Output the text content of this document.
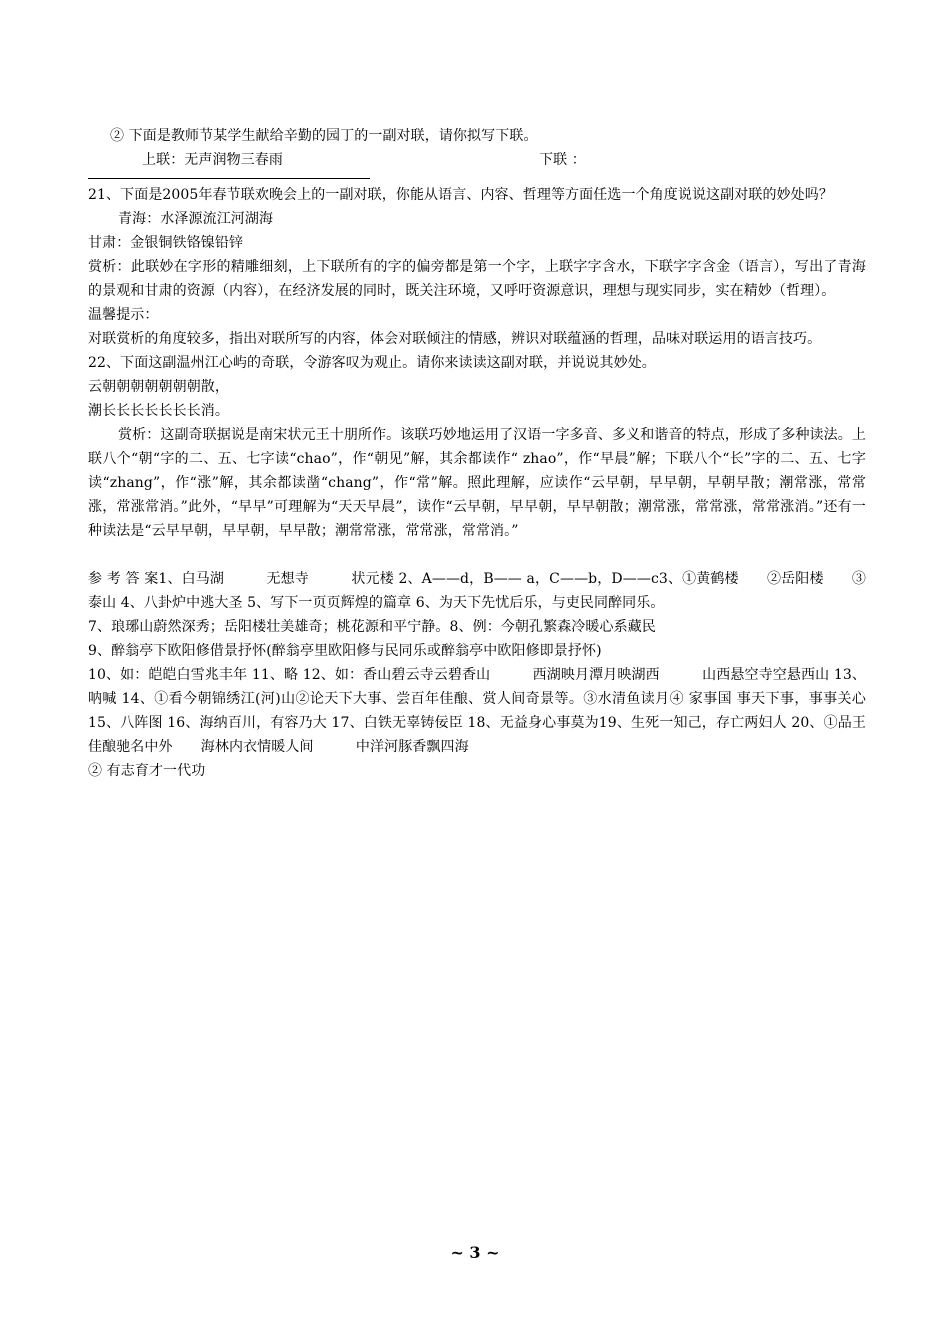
② 下面是教师节某学生献给辛勤的园丁的一副对联，请你拟写下联。
上联：无声润物三春雨	下联 ：
21、下面是2005年春节联欢晚会上的一副对联，你能从语言、内容、哲理等方面任选一个角度说说这副对联的妙处吗？
青海：水泽源流江河湖海
甘肃：金银铜铁铬镍铅锌
赏析：此联妙在字形的精雕细刻，上下联所有的字的偏旁都是第一个字，上联字字含水，下联字字含金（语言），写出了青海的景观和甘肃的资源（内容），在经济发展的同时，既关注环境，又呼吁资源意识，理想与现实同步，实在精妙（哲理）。
温馨提示：
对联赏析的角度较多，指出对联所写的内容，体会对联倾注的情感，辨识对联蕴涵的哲理，品味对联运用的语言技巧。
22、下面这副温州江心屿的奇联，令游客叹为观止。请你来读读这副对联，并说说其妙处。
云朝朝朝朝朝朝朝散，
潮长长长长长长长消。
赏析：这副奇联据说是南宋状元王十朋所作。该联巧妙地运用了汉语一字多音、多义和谐音的特点，形成了多种读法。上联八个“朝“字的二、五、七字读“chao”，作“朝见”解，其余都读作“ zhao”，作“早晨”解；下联八个“长”字的二、五、七字读“zhang”，作“涨”解，其余都读凿“chang”，作“常”解。照此理解，应读作“云早朝，早早朝，早朝早散；潮常涨，常常涨，常涨常消。”此外，“早早”可理解为“天天早晨”，读作“云早朝，早早朝，早早朝散；潮常涨，常常涨，常常涨消。”还有一种读法是“云早早朝，早早朝，早早散；潮常常涨，常常涨，常常消。”
参 考 答 案1、白马湖　　　无想寺　　　状元楼 2、A——d，B—— a，C——b，D——c3、①黄鹤楼　　②岳阳楼　　③泰山 4、八卦炉中逃大圣 5、写下一页页辉煌的篇章 6、为天下先忧后乐，与吏民同醉同乐。
7、琅琊山蔚然深秀；岳阳楼壮美雄奇；桃花源和平宁静。8、例：今朝孔繁森冷暖心系藏民
9、醉翁亭下欧阳修借景抒怀(醉翁亭里欧阳修与民同乐或醉翁亭中欧阳修即景抒怀)
10、如：皑皑白雪兆丰年 11、略 12、如：香山碧云寺云碧香山　　　西湖映月潭月映湖西　　　山西悬空寺空悬西山 13、呐喊 14、①看今朝锦绣江(河)山②论天下大事、尝百年佳酿、赏人间奇景等。③水清鱼读月④ 家事国 事天下事，事事关心 15、八阵图 16、海纳百川，有容乃大 17、白铁无辜铸佞臣 18、无益身心事莫为19、生死一知己，存亡两妇人 20、①品王佳酿驰名中外　　海林内衣情暖人间　　　中洋河豚香飘四海
② 有志育才一代功
~ 3 ~
